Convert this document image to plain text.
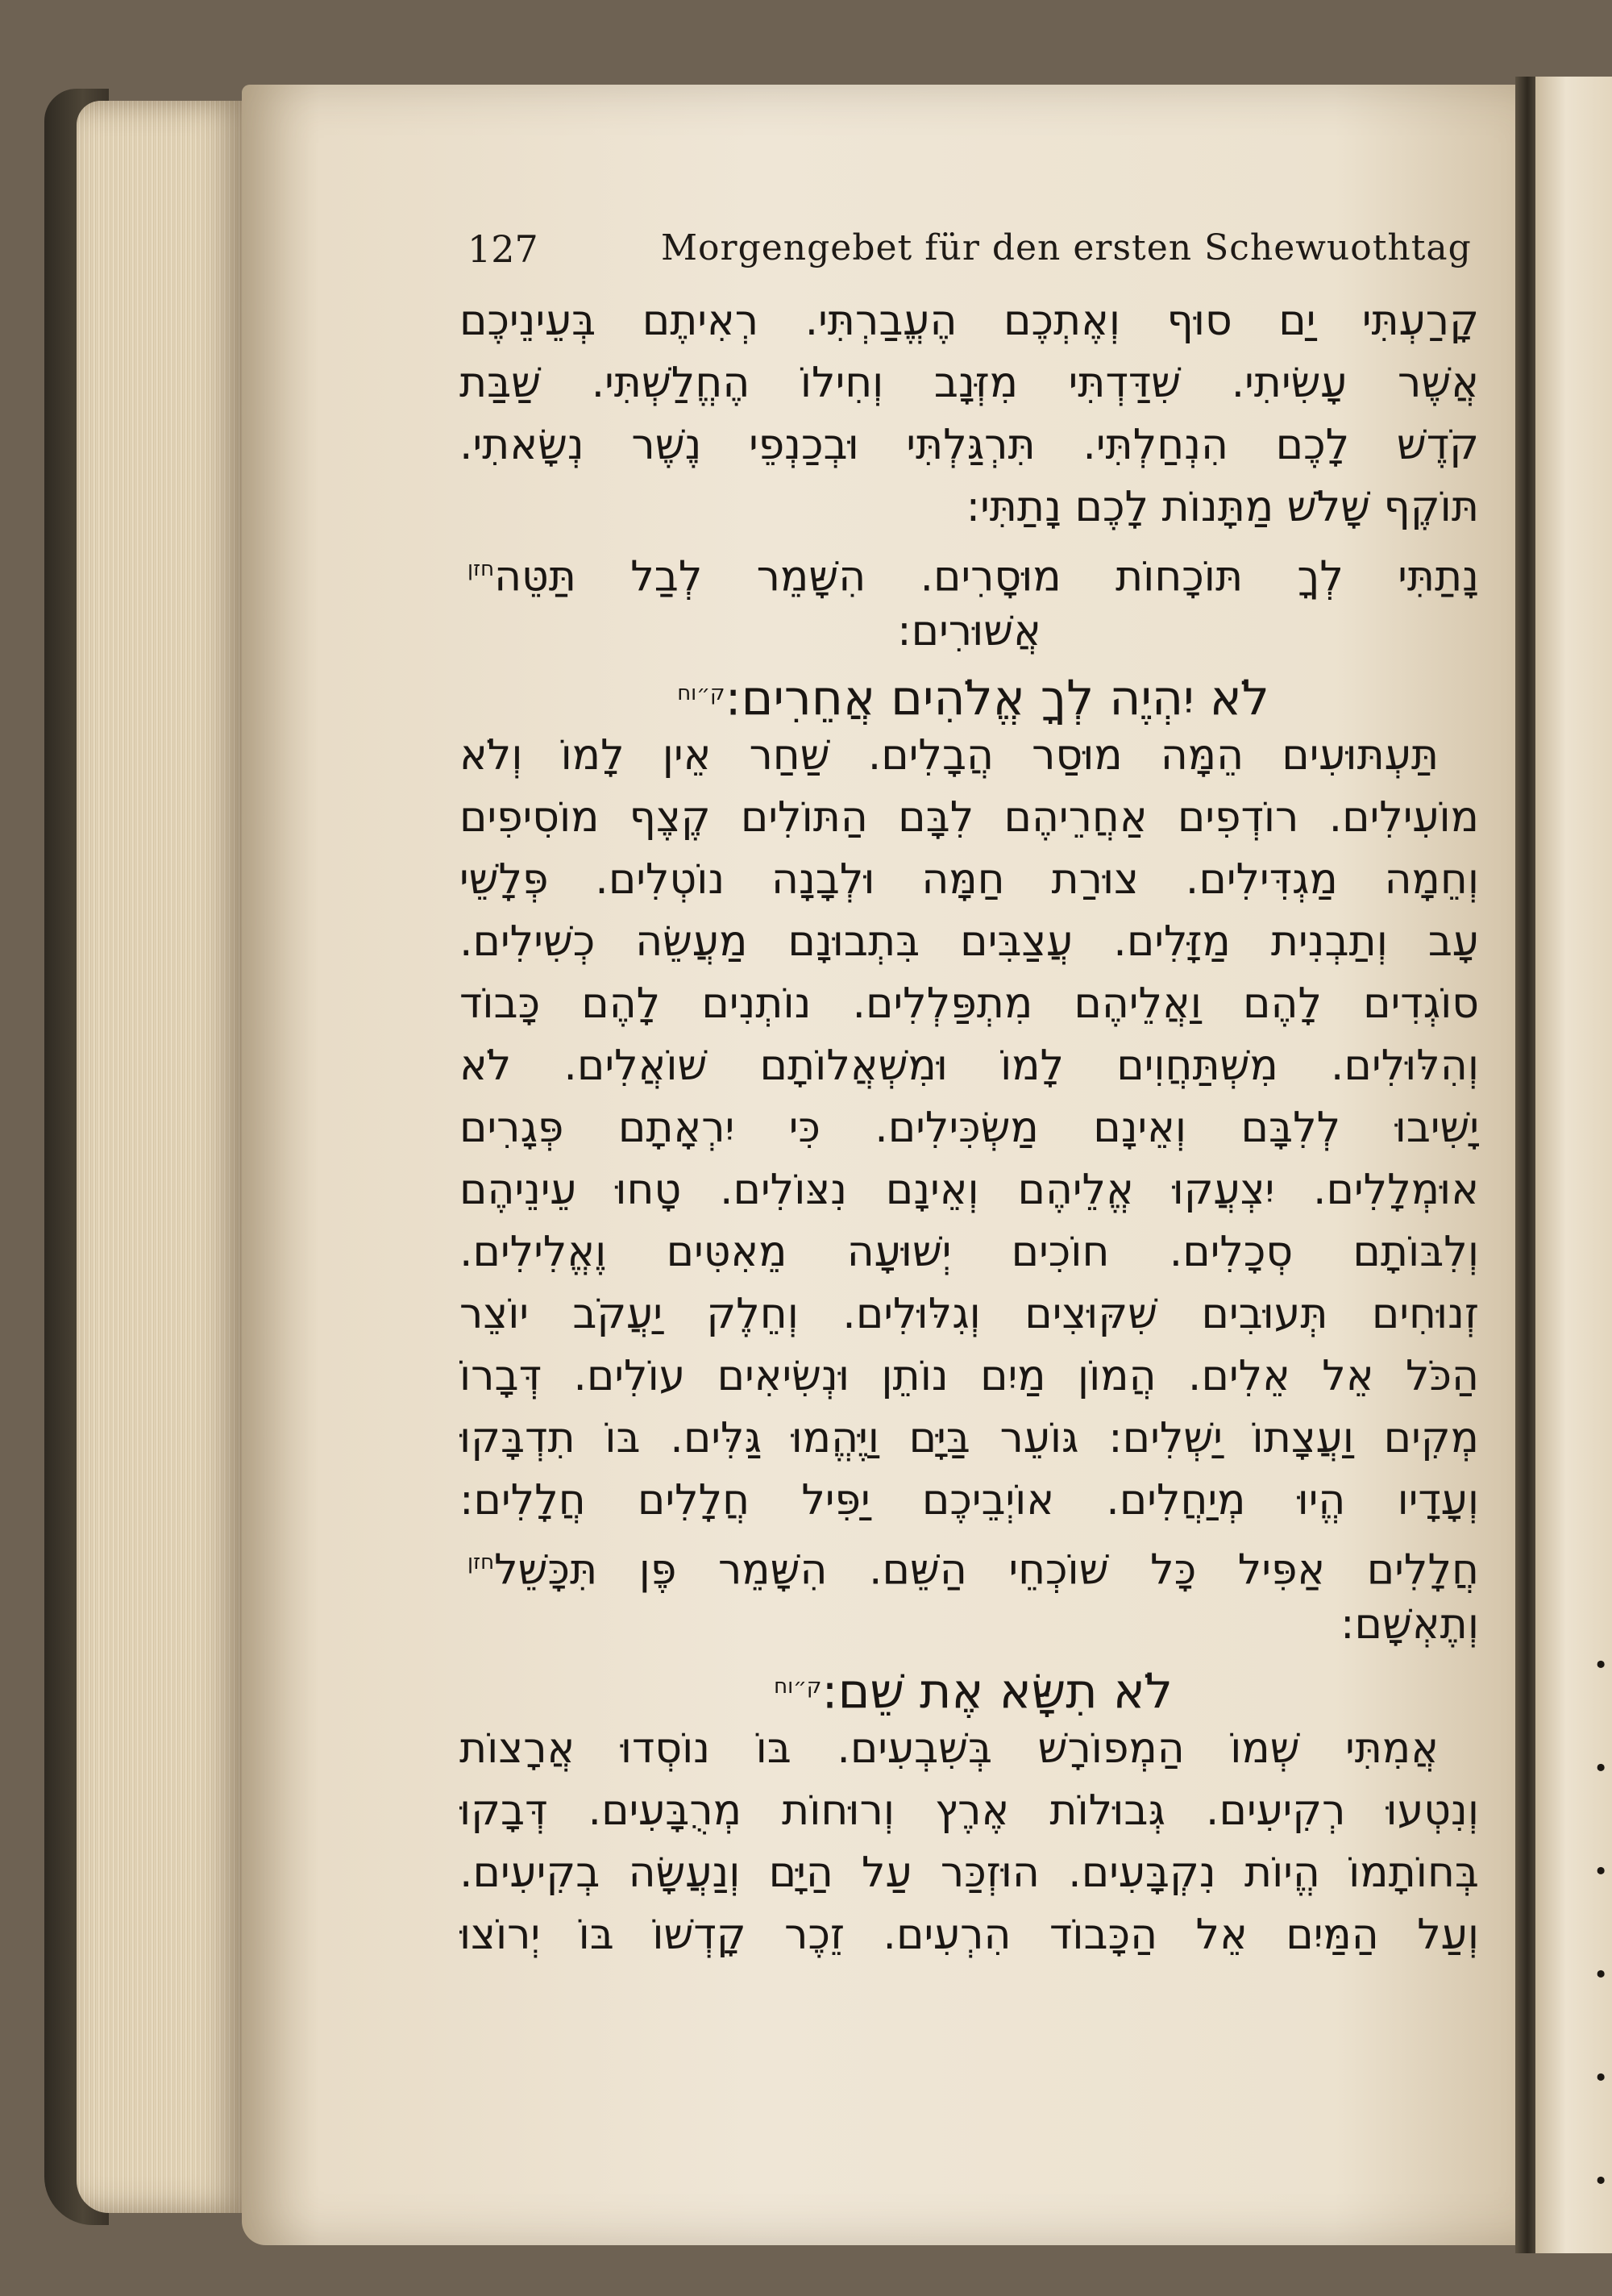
.
.
.
.
.
.
127	Morgengebet für den ersten Schewuothtag
קָרַעְתִּי יַם סוּף וְאֶתְכֶם הֶעֱבַרְתִּי. רְאִיתֶם בְּעֵינֵיכֶם
אֲשֶׁר עָשִׂיתִי. שִׁדַּדְתִּי מִזְּנָב וְחִילוֹ הֶחֱלַשְׁתִּי. שַׁבַּת
קֹדֶשׁ לָכֶם הִנְחַלְתִּי. תִּרְגַּלְתִּי וּבְכַנְפֵי נֶשֶׁר נְשָׂאתִי.
תּוֹקֶף שָׁלֹשׁ מַתָּנוֹת לָכֶם נָתַתִּי:
נָתַתִּי לְךָ תּוֹכָחוֹת מוּסָרִים. הִשָּׁמֵר לְבַל תַּטֵּה$^{חזן}$
אֲשׁוּרִים:
לֹא יִהְיֶה לְךָ אֱלֹהִים אֲחֵרִים:$^{ק״וח}$
תַּעְתּוּעִים הֵמָּה מוּסַר הֲבָלִים. שַׁחַר אֵין לָמוֹ וְלֹא
מוֹעִילִים. רוֹדְפִים אַחֲרֵיהֶם לִבָּם הַתּוֹלִים קֶצֶף מוֹסִיפִים
וְחֵמָה מַגְדִּילִים. צוּרַת חַמָּה וּלְבָנָה נוֹטְלִים. פְּלָשֵׁי
עָב וְתַבְנִית מַזָּלִים. עֲצַבִּים בִּתְבוּנָם מַעֲשֵׂה כְשִׁילִים.
סוֹגְדִים לָהֶם וַאֲלֵיהֶם מִתְפַּלְלִים. נוֹתְנִים לָהֶם כָּבוֹד
וְהִלּוּלִים. מִשְׁתַּחֲוִים לָמוֹ וּמִשְׁאֲלוֹתָם שׁוֹאֲלִים. לֹא
יָשִׁיבוּ לְלִבָּם וְאֵינָם מַשְׂכִּילִים. כִּי יִרְאָתָם פְּגָרִים
אוּמְלָלִים. יִצְעֲקוּ אֱלֵיהֶם וְאֵינָם נִצּוֹלִים. טָחוּ עֵינֵיהֶם
וְלִבּוֹתָם סְכָלִים. חוֹכִים יְשׁוּעָה מֵאִטִּים וֶאֱלִילִים.
זְנוּחִים תְּעוּבִים שִׁקּוּצִים וְגִלּוּלִים. וְחֵלֶק יַעֲקֹב יוֹצֵר
הַכֹּל אֵל אֵלִים. הֲמוֹן מַיִם נוֹתֵן וּנְשִׂיאִים עוֹלִים. דְּבָרוֹ
מְקִים וַעֲצָתוֹ יַשְׁלִים: גּוֹעֵר בַּיָּם וַיֶּהֱמוּ גַּלִּים. בּוֹ תִדְבָּקוּ
וְעָדָיו הֱיוּ מְיַחֲלִים. אוֹיְבֵיכֶם יַפִּיל חֲלָלִים חֲלָלִים:
חֲלָלִים אַפִּיל כָּל שׁוֹכְחֵי הַשֵּׁם. הִשָּׁמֵר פֶּן תִּכָּשֵׁל$^{חזן}$
וְתֶאְשָׁם:
לֹא תִשָּׂא אֶת שֵׁם:$^{ק״וח}$
אֲמִתִּי שְׁמוֹ הַמְפוֹרָשׁ בְּשִׁבְעִים. בּוֹ נוֹסְדוּ אֲרָצוֹת
וְנִטְעוּ רְקִיעִים. גְּבוּלוֹת אֶרֶץ וְרוּחוֹת מְרֻבָּעִים. דְּבָקוּ
בְּחוֹתָמוֹ הֱיוֹת נִקְבָּעִים. הוּזְכַּר עַל הַיָּם וְנַעֲשָׂה בְקִיעִים.
וְעַל הַמַּיִם אֵל הַכָּבוֹד הִרְעִים. זֵכֶר קָדְשׁוֹ בּוֹ יְרוֹצוּ
